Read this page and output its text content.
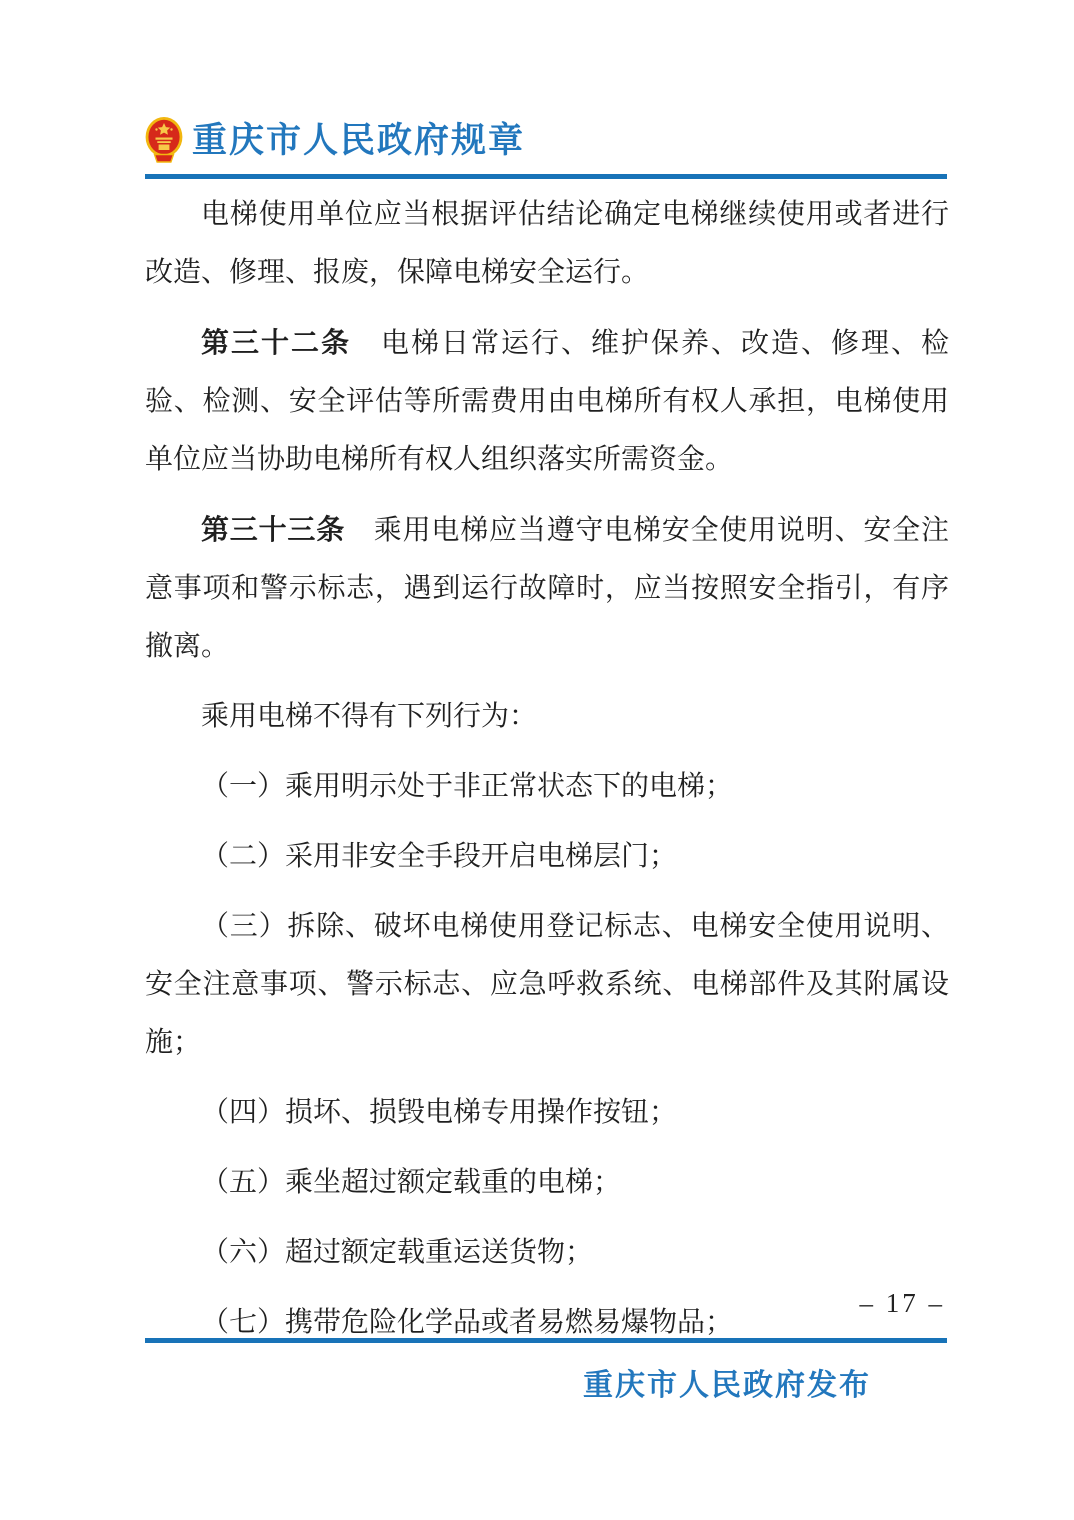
重庆市人民政府规章

电梯使用单位应当根据评估结论确定电梯继续使用或者进行改造、修理、报废，保障电梯安全运行。

第三十二条　电梯日常运行、维护保养、改造、修理、检验、检测、安全评估等所需费用由电梯所有权人承担，电梯使用单位应当协助电梯所有权人组织落实所需资金。

第三十三条　乘用电梯应当遵守电梯安全使用说明、安全注意事项和警示标志，遇到运行故障时，应当按照安全指引，有序撤离。

乘用电梯不得有下列行为：

（一）乘用明示处于非正常状态下的电梯；

（二）采用非安全手段开启电梯层门；

（三）拆除、破坏电梯使用登记标志、电梯安全使用说明、安全注意事项、警示标志、应急呼救系统、电梯部件及其附属设施；

（四）损坏、损毁电梯专用操作按钮；

（五）乘坐超过额定载重的电梯；

（六）超过额定载重运送货物；

（七）携带危险化学品或者易燃易爆物品；

– 17 –
重庆市人民政府发布
